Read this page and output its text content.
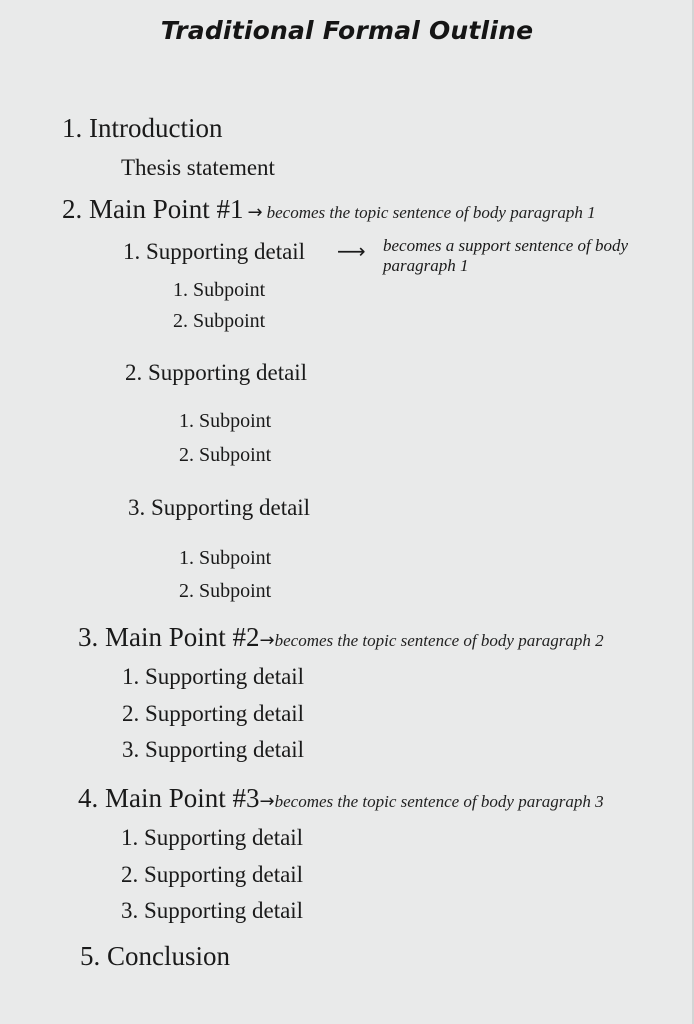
Traditional Formal Outline
1. Introduction
Thesis statement
2. Main Point #1 → becomes the topic sentence of body paragraph 1
1. Supporting detail ⟶ becomes a support sentence of body
paragraph 1
1. Subpoint
2. Subpoint
2. Supporting detail
1. Subpoint
2. Subpoint
3. Supporting detail
1. Subpoint
2. Subpoint
3. Main Point #2→becomes the topic sentence of body paragraph 2
1. Supporting detail
2. Supporting detail
3. Supporting detail
4. Main Point #3→becomes the topic sentence of body paragraph 3
1. Supporting detail
2. Supporting detail
3. Supporting detail
5. Conclusion
